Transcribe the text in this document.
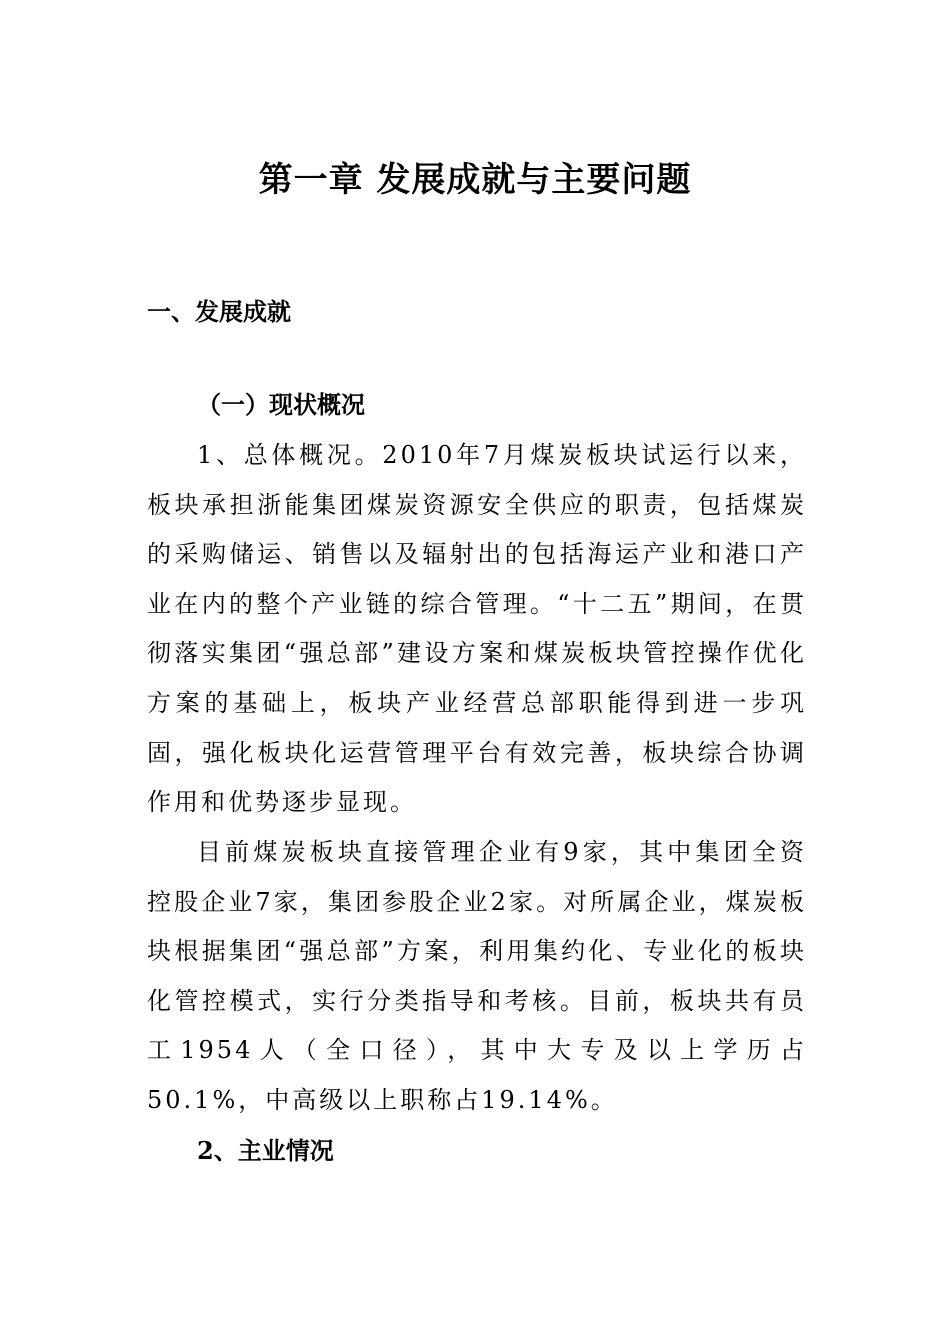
第一章 发展成就与主要问题
一、发展成就
（一）现状概况

1、总体概况。2010年7月煤炭板块试运行以来，板块承担浙能集团煤炭资源安全供应的职责，包括煤炭的采购储运、销售以及辐射出的包括海运产业和港口产业在内的整个产业链的综合管理。“十二五”期间，在贯彻落实集团“强总部”建设方案和煤炭板块管控操作优化方案的基础上，板块产业经营总部职能得到进一步巩固，强化板块化运营管理平台有效完善，板块综合协调作用和优势逐步显现。

目前煤炭板块直接管理企业有9家，其中集团全资控股企业7家，集团参股企业2家。对所属企业，煤炭板块根据集团“强总部”方案，利用集约化、专业化的板块化管控模式，实行分类指导和考核。目前，板块共有员工1954人（全口径），其中大专及以上学历占50.1%，中高级以上职称占19.14%。

2、主业情况
